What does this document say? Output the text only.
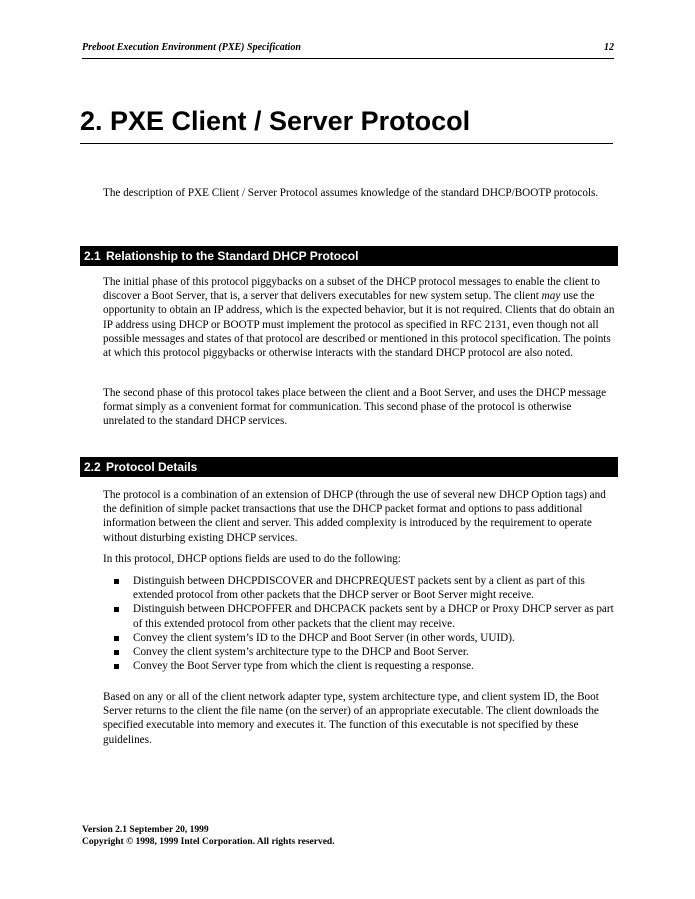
Preboot Execution Environment (PXE) Specification	12
2. PXE Client / Server Protocol

The description of PXE Client / Server Protocol assumes knowledge of the standard DHCP/BOOTP protocols.

2.1 Relationship to the Standard DHCP Protocol

The initial phase of this protocol piggybacks on a subset of the DHCP protocol messages to enable the client to discover a Boot Server, that is, a server that delivers executables for new system setup. The client may use the opportunity to obtain an IP address, which is the expected behavior, but it is not required. Clients that do obtain an IP address using DHCP or BOOTP must implement the protocol as specified in RFC 2131, even though not all possible messages and states of that protocol are described or mentioned in this protocol specification. The points at which this protocol piggybacks or otherwise interacts with the standard DHCP protocol are also noted.

The second phase of this protocol takes place between the client and a Boot Server, and uses the DHCP message format simply as a convenient format for communication. This second phase of the protocol is otherwise unrelated to the standard DHCP services.

2.2 Protocol Details

The protocol is a combination of an extension of DHCP (through the use of several new DHCP Option tags) and the definition of simple packet transactions that use the DHCP packet format and options to pass additional information between the client and server. This added complexity is introduced by the requirement to operate without disturbing existing DHCP services.

In this protocol, DHCP options fields are used to do the following:

Distinguish between DHCPDISCOVER and DHCPREQUEST packets sent by a client as part of this extended protocol from other packets that the DHCP server or Boot Server might receive.
Distinguish between DHCPOFFER and DHCPACK packets sent by a DHCP or Proxy DHCP server as part of this extended protocol from other packets that the client may receive.
Convey the client system’s ID to the DHCP and Boot Server (in other words, UUID).
Convey the client system’s architecture type to the DHCP and Boot Server.
Convey the Boot Server type from which the client is requesting a response.

Based on any or all of the client network adapter type, system architecture type, and client system ID, the Boot Server returns to the client the file name (on the server) of an appropriate executable. The client downloads the specified executable into memory and executes it. The function of this executable is not specified by these guidelines.

Version 2.1 September 20, 1999
Copyright © 1998, 1999 Intel Corporation. All rights reserved.
